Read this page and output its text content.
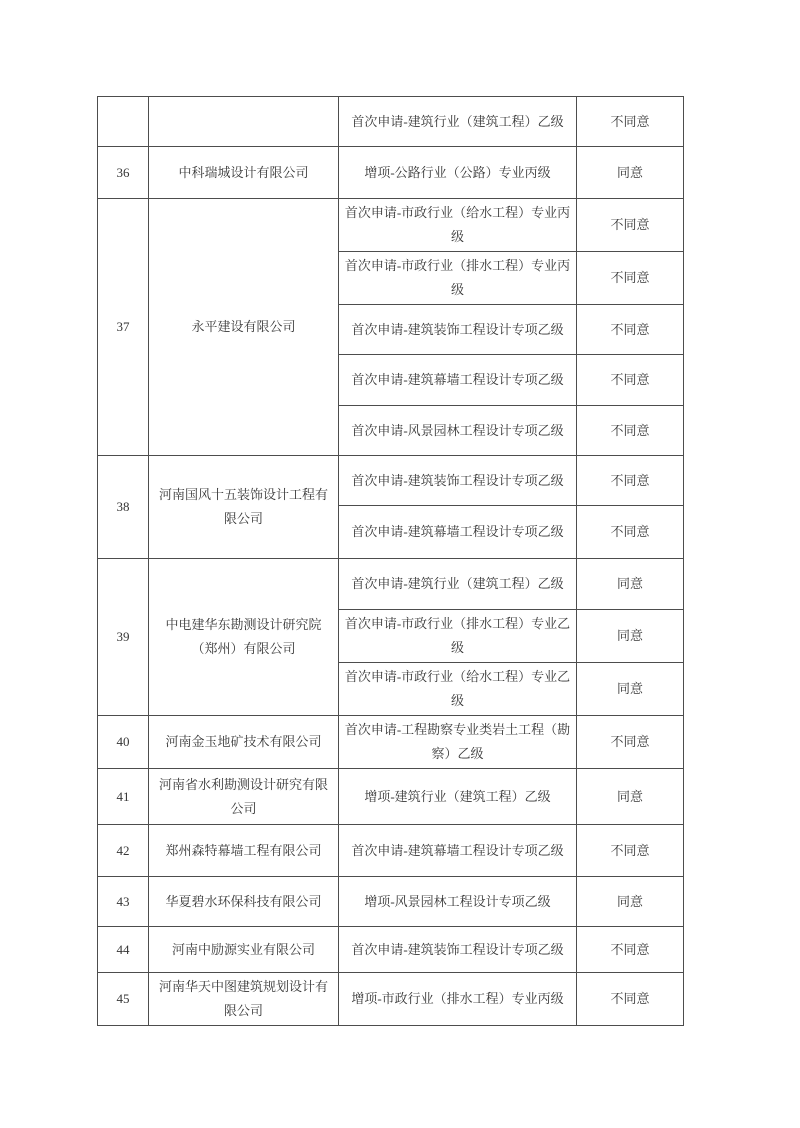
		首次申请-建筑行业（建筑工程）乙级	不同意
36	中科瑞城设计有限公司	增项-公路行业（公路）专业丙级	同意
37	永平建设有限公司	首次申请-市政行业（给水工程）专业丙级	不同意
		首次申请-市政行业（排水工程）专业丙级	不同意
		首次申请-建筑装饰工程设计专项乙级	不同意
		首次申请-建筑幕墙工程设计专项乙级	不同意
		首次申请-风景园林工程设计专项乙级	不同意
38	河南国风十五装饰设计工程有限公司	首次申请-建筑装饰工程设计专项乙级	不同意
		首次申请-建筑幕墙工程设计专项乙级	不同意
39	中电建华东勘测设计研究院（郑州）有限公司	首次申请-建筑行业（建筑工程）乙级	同意
		首次申请-市政行业（排水工程）专业乙级	同意
		首次申请-市政行业（给水工程）专业乙级	同意
40	河南金玉地矿技术有限公司	首次申请-工程勘察专业类岩土工程（勘察）乙级	不同意
41	河南省水利勘测设计研究有限公司	增项-建筑行业（建筑工程）乙级	同意
42	郑州森特幕墙工程有限公司	首次申请-建筑幕墙工程设计专项乙级	不同意
43	华夏碧水环保科技有限公司	增项-风景园林工程设计专项乙级	同意
44	河南中励源实业有限公司	首次申请-建筑装饰工程设计专项乙级	不同意
45	河南华天中图建筑规划设计有限公司	增项-市政行业（排水工程）专业丙级	不同意
